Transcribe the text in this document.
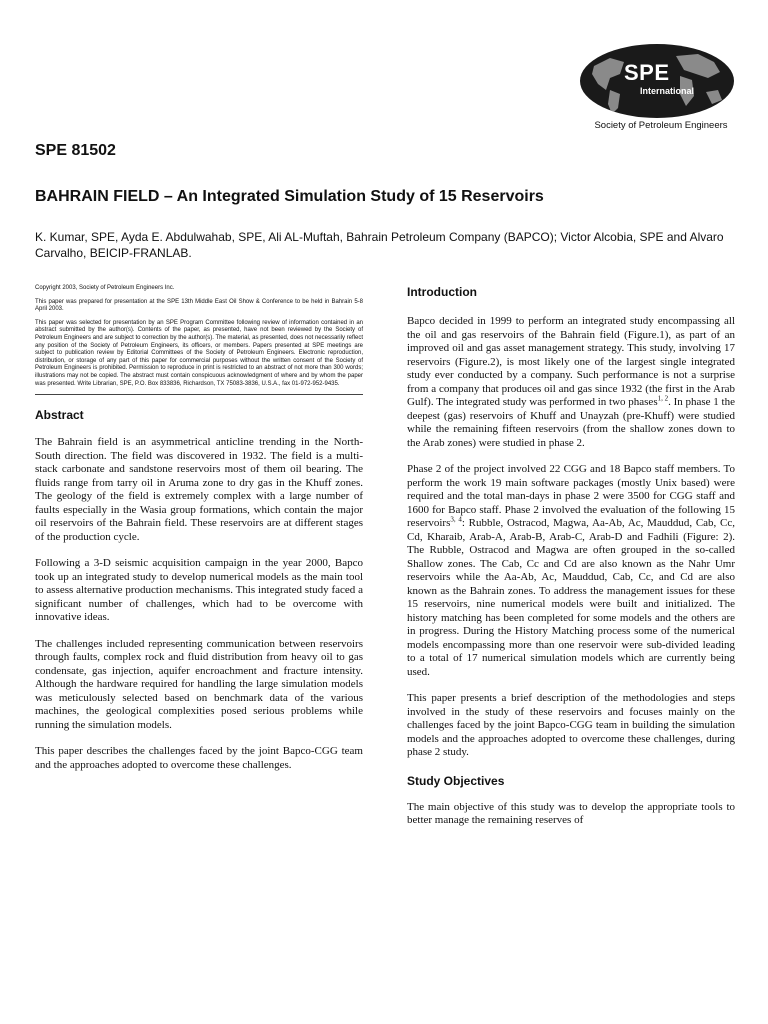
SPE
International
Society of Petroleum Engineers
SPE 81502
BAHRAIN FIELD – An Integrated Simulation Study of 15 Reservoirs
K. Kumar, SPE, Ayda E. Abdulwahab, SPE, Ali AL-Muftah, Bahrain Petroleum Company (BAPCO); Victor Alcobia, SPE and Alvaro Carvalho, BEICIP-FRANLAB.

Copyright 2003, Society of Petroleum Engineers Inc.

This paper was prepared for presentation at the SPE 13th Middle East Oil Show & Conference to be held in Bahrain 5-8 April 2003.

This paper was selected for presentation by an SPE Program Committee following review of information contained in an abstract submitted by the author(s). Contents of the paper, as presented, have not been reviewed by the Society of Petroleum Engineers and are subject to correction by the author(s). The material, as presented, does not necessarily reflect any position of the Society of Petroleum Engineers, its officers, or members. Papers presented at SPE meetings are subject to publication review by Editorial Committees of the Society of Petroleum Engineers. Electronic reproduction, distribution, or storage of any part of this paper for commercial purposes without the written consent of the Society of Petroleum Engineers is prohibited. Permission to reproduce in print is restricted to an abstract of not more than 300 words; illustrations may not be copied. The abstract must contain conspicuous acknowledgment of where and by whom the paper was presented. Write Librarian, SPE, P.O. Box 833836, Richardson, TX 75083-3836, U.S.A., fax 01-972-952-9435.

Abstract

The Bahrain field is an asymmetrical anticline trending in the North-South direction. The field was discovered in 1932. The field is a multi-stack carbonate and sandstone reservoirs most of them oil bearing. The fluids range from tarry oil in Aruma zone to dry gas in the Khuff zones. The geology of the field is extremely complex with a large number of faults especially in the Wasia group formations, which contain the major oil reservoirs of the Bahrain field. These reservoirs are at different stages of the production cycle.

Following a 3-D seismic acquisition campaign in the year 2000, Bapco took up an integrated study to develop numerical models as the main tool to assess alternative production mechanisms. This integrated study faced a significant number of challenges, which had to be overcome with innovative ideas.

The challenges included representing communication between reservoirs through faults, complex rock and fluid distribution from heavy oil to gas condensate, gas injection, aquifer encroachment and fracture intensity. Although the hardware required for handling the large simulation models was meticulously selected based on benchmark data of the various machines, the geological complexities posed serious problems while running the simulation models.

This paper describes the challenges faced by the joint Bapco-CGG team and the approaches adopted to overcome these challenges.

Introduction

Bapco decided in 1999 to perform an integrated study encompassing all the oil and gas reservoirs of the Bahrain field (Figure.1), as part of an improved oil and gas asset management strategy. This study, involving 17 reservoirs (Figure.2), is most likely one of the largest single integrated study ever conducted by a company. Such performance is not a surprise from a company that produces oil and gas since 1932 (the first in the Arab Gulf). The integrated study was performed in two phases$^{1, 2}$. In phase 1 the deepest (gas) reservoirs of Khuff and Unayzah (pre-Khuff) were studied while the remaining fifteen reservoirs (from the shallow zones down to the Arab zones) were studied in phase 2.

Phase 2 of the project involved 22 CGG and 18 Bapco staff members. To perform the work 19 main software packages (mostly Unix based) were required and the total man-days in phase 2 were 3500 for CGG staff and 1600 for Bapco staff. Phase 2 involved the evaluation of the following 15 reservoirs$^{3, 4}$: Rubble, Ostracod, Magwa, Aa-Ab, Ac, Mauddud, Cab, Cc, Cd, Kharaib, Arab-A, Arab-B, Arab-C, Arab-D and Fadhili (Figure: 2). The Rubble, Ostracod and Magwa are often grouped in the so-called Shallow zones. The Cab, Cc and Cd are also known as the Nahr Umr reservoirs while the Aa-Ab, Ac, Mauddud, Cab, Cc, and Cd are also known as the Bahrain zones. To address the management issues for these 15 reservoirs, nine numerical models were built and initialized. The history matching has been completed for some models and the others are in progress. During the History Matching process some of the numerical models encompassing more than one reservoir were sub-divided leading to a total of 17 numerical simulation models which are currently being used.

This paper presents a brief description of the methodologies and steps involved in the study of these reservoirs and focuses mainly on the challenges faced by the joint Bapco-CGG team in building the simulation models and the approaches adopted to overcome these challenges, during phase 2 study.

Study Objectives

The main objective of this study was to develop the appropriate tools to better manage the remaining reserves of
